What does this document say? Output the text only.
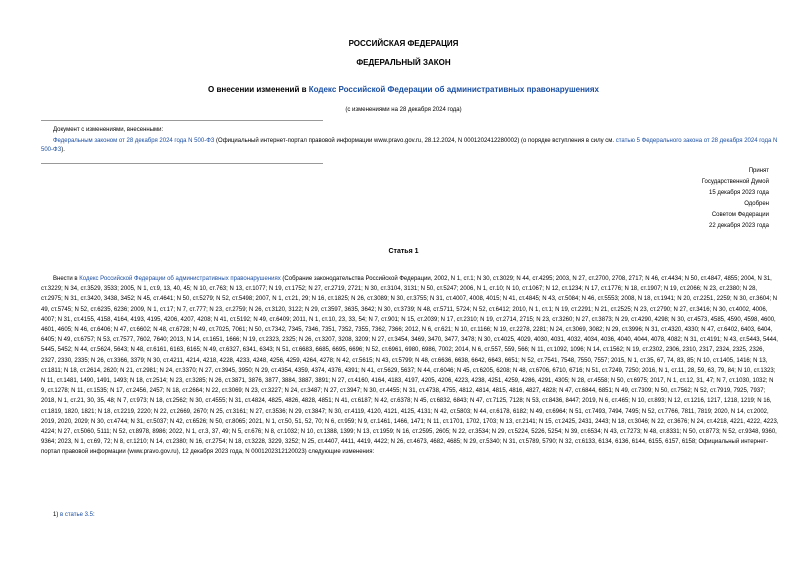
РОССИЙСКАЯ ФЕДЕРАЦИЯ
ФЕДЕРАЛЬНЫЙ ЗАКОН
О внесении изменений в Кодекс Российской Федерации об административных правонарушениях
(с изменениями на 28 декабря 2024 года)
Документ с изменениями, внесенными:
Федеральным законом от 28 декабря 2024 года N 500-ФЗ (Официальный интернет-портал правовой информации www.pravo.gov.ru, 28.12.2024, N 0001202412280002) (о порядке вступления в силу см. статью 5 Федерального закона от 28 декабря 2024 года N 500-ФЗ).
Принят
Государственной Думой
15 декабря 2023 года
Одобрен
Советом Федерации
22 декабря 2023 года
Статья 1
Внести в Кодекс Российской Федерации об административных правонарушениях (Собрание законодательства Российской Федерации, 2002, N 1, ст.1; N 30, ст.3029; N 44, ст.4295; 2003, N 27, ст.2700, 2708, 2717; N 46, ст.4434; N 50, ст.4847, 4855; 2004, N 31, ст.3229; N 34, ст.3529, 3533; 2005, N 1, ст.9, 13, 40, 45; N 10, ст.763; N 13, ст.1077; N 19, ст.1752; N 27, ст.2719, 2721; N 30, ст.3104, 3131; N 50, ст.5247; 2006, N 1, ст.10; N 10, ст.1067; N 12, ст.1234; N 17, ст.1776; N 18, ст.1907; N 19, ст.2066; N 23, ст.2380; N 28, ст.2975; N 31, ст.3420, 3438, 3452; N 45, ст.4641; N 50, ст.5279; N 52, ст.5498; 2007, N 1, ст.21, 29; N 16, ст.1825; N 26, ст.3089; N 30, ст.3755; N 31, ст.4007, 4008, 4015; N 41, ст.4845; N 43, ст.5084; N 46, ст.5553; 2008, N 18, ст.1941; N 20, ст.2251, 2259; N 30, ст.3604; N 49, ст.5745; N 52, ст.6235, 6236; 2009, N 1, ст.17; N 7, ст.777; N 23, ст.2759; N 26, ст.3120, 3122; N 29, ст.3597, 3635, 3642; N 30, ст.3739; N 48, ст.5711, 5724; N 52, ст.6412; 2010, N 1, ст.1; N 19, ст.2291; N 21, ст.2525; N 23, ст.2790; N 27, ст.3416; N 30, ст.4002, 4006, 4007; N 31, ст.4155, 4158, 4164, 4193, 4195, 4206, 4207, 4208; N 41, ст.5192; N 49, ст.6409; 2011, N 1, ст.10, 23, 33, 54; N 7, ст.901; N 15, ст.2039; N 17, ст.2310; N 19, ст.2714, 2715; N 23, ст.3260; N 27, ст.3873; N 29, ст.4290, 4298; N 30, ст.4573, 4585, 4590, 4598, 4600, 4601, 4605; N 46, ст.6406; N 47, ст.6602; N 48, ст.6728; N 49, ст.7025, 7061; N 50, ст.7342, 7345, 7346, 7351, 7352, 7355, 7362, 7366; 2012, N 6, ст.621; N 10, ст.1166; N 19, ст.2278, 2281; N 24, ст.3069, 3082; N 29, ст.3996; N 31, ст.4320, 4330; N 47, ст.6402, 6403, 6404, 6405; N 49, ст.6757; N 53, ст.7577, 7602, 7640; 2013, N 14, ст.1651, 1666; N 19, ст.2323, 2325; N 26, ст.3207, 3208, 3209; N 27, ст.3454, 3469, 3470, 3477, 3478; N 30, ст.4025, 4029, 4030, 4031, 4032, 4034, 4036, 4040, 4044, 4078, 4082; N 31, ст.4191; N 43, ст.5443, 5444, 5445, 5452; N 44, ст.5624, 5643; N 48, ст.6161, 6163, 6165; N 49, ст.6327, 6341, 6343; N 51, ст.6683, 6685, 6695, 6696; N 52, ст.6961, 6980, 6986, 7002; 2014, N 6, ст.557, 559, 566; N 11, ст.1092, 1096; N 14, ст.1562; N 19, ст.2302, 2306, 2310, 2317, 2324, 2325, 2326, 2327, 2330, 2335; N 26, ст.3366, 3379; N 30, ст.4211, 4214, 4218, 4228, 4233, 4248, 4256, 4259, 4264, 4278; N 42, ст.5615; N 43, ст.5799; N 48, ст.6636, 6638, 6642, 6643, 6651; N 52, ст.7541, 7548, 7550, 7557; 2015, N 1, ст.35, 67, 74, 83, 85; N 10, ст.1405, 1416; N 13, ст.1811; N 18, ст.2614, 2620; N 21, ст.2981; N 24, ст.3370; N 27, ст.3945, 3950; N 29, ст.4354, 4359, 4374, 4376, 4391; N 41, ст.5629, 5637; N 44, ст.6046; N 45, ст.6205, 6208; N 48, ст.6706, 6710, 6716; N 51, ст.7249, 7250; 2016, N 1, ст.11, 28, 59, 63, 79, 84; N 10, ст.1323; N 11, ст.1481, 1490, 1491, 1493; N 18, ст.2514; N 23, ст.3285; N 26, ст.3871, 3876, 3877, 3884, 3887, 3891; N 27, ст.4160, 4164, 4183, 4197, 4205, 4206, 4223, 4238, 4251, 4259, 4286, 4291, 4305; N 28, ст.4558; N 50, ст.6975; 2017, N 1, ст.12, 31, 47; N 7, ст.1030, 1032; N 9, ст.1278; N 11, ст.1535; N 17, ст.2456, 2457; N 18, ст.2664; N 22, ст.3069; N 23, ст.3227; N 24, ст.3487; N 27, ст.3947; N 30, ст.4455; N 31, ст.4738, 4755, 4812, 4814, 4815, 4816, 4827, 4828; N 47, ст.6844, 6851; N 49, ст.7309; N 50, ст.7562; N 52, ст.7919, 7925, 7937; 2018, N 1, ст.21, 30, 35, 48; N 7, ст.973; N 18, ст.2562; N 30, ст.4555; N 31, ст.4824, 4825, 4826, 4828, 4851; N 41, ст.6187; N 42, ст.6378; N 45, ст.6832, 6843; N 47, ст.7125, 7128; N 53, ст.8436, 8447; 2019, N 6, ст.465; N 10, ст.893; N 12, ст.1216, 1217, 1218, 1219; N 16, ст.1819, 1820, 1821; N 18, ст.2219, 2220; N 22, ст.2669, 2670; N 25, ст.3161; N 27, ст.3536; N 29, ст.3847; N 30, ст.4119, 4120, 4121, 4125, 4131; N 42, ст.5803; N 44, ст.6178, 6182; N 49, ст.6964; N 51, ст.7493, 7494, 7495; N 52, ст.7766, 7811, 7819; 2020, N 14, ст.2002, 2019, 2020, 2029; N 30, ст.4744; N 31, ст.5037; N 42, ст.6526; N 50, ст.8065; 2021, N 1, ст.50, 51, 52, 70; N 6, ст.959; N 9, ст.1461, 1466, 1471; N 11, ст.1701, 1702, 1703; N 13, ст.2141; N 15, ст.2425, 2431, 2443; N 18, ст.3046; N 22, ст.3676; N 24, ст.4218, 4221, 4222, 4223, 4224; N 27, ст.5060, 5111; N 52, ст.8978, 8986; 2022, N 1, ст.3, 37, 49; N 5, ст.676; N 8, ст.1032; N 10, ст.1388, 1399; N 13, ст.1959; N 16, ст.2595, 2605; N 22, ст.3534; N 29, ст.5224, 5226, 5254; N 39, ст.6534; N 43, ст.7273; N 48, ст.8331; N 50, ст.8773; N 52, ст.9348, 9360, 9364; 2023, N 1, ст.69, 72; N 8, ст.1210; N 14, ст.2380; N 16, ст.2754; N 18, ст.3228, 3229, 3252; N 25, ст.4407, 4411, 4419, 4422; N 26, ст.4673, 4682, 4685; N 29, ст.5340; N 31, ст.5789, 5790; N 32, ст.6133, 6134, 6136, 6144, 6155, 6157, 6158; Официальный интернет-портал правовой информации (www.pravo.gov.ru), 12 декабря 2023 года, N 0001202312120023) следующие изменения:
1) в статье 3.5:
